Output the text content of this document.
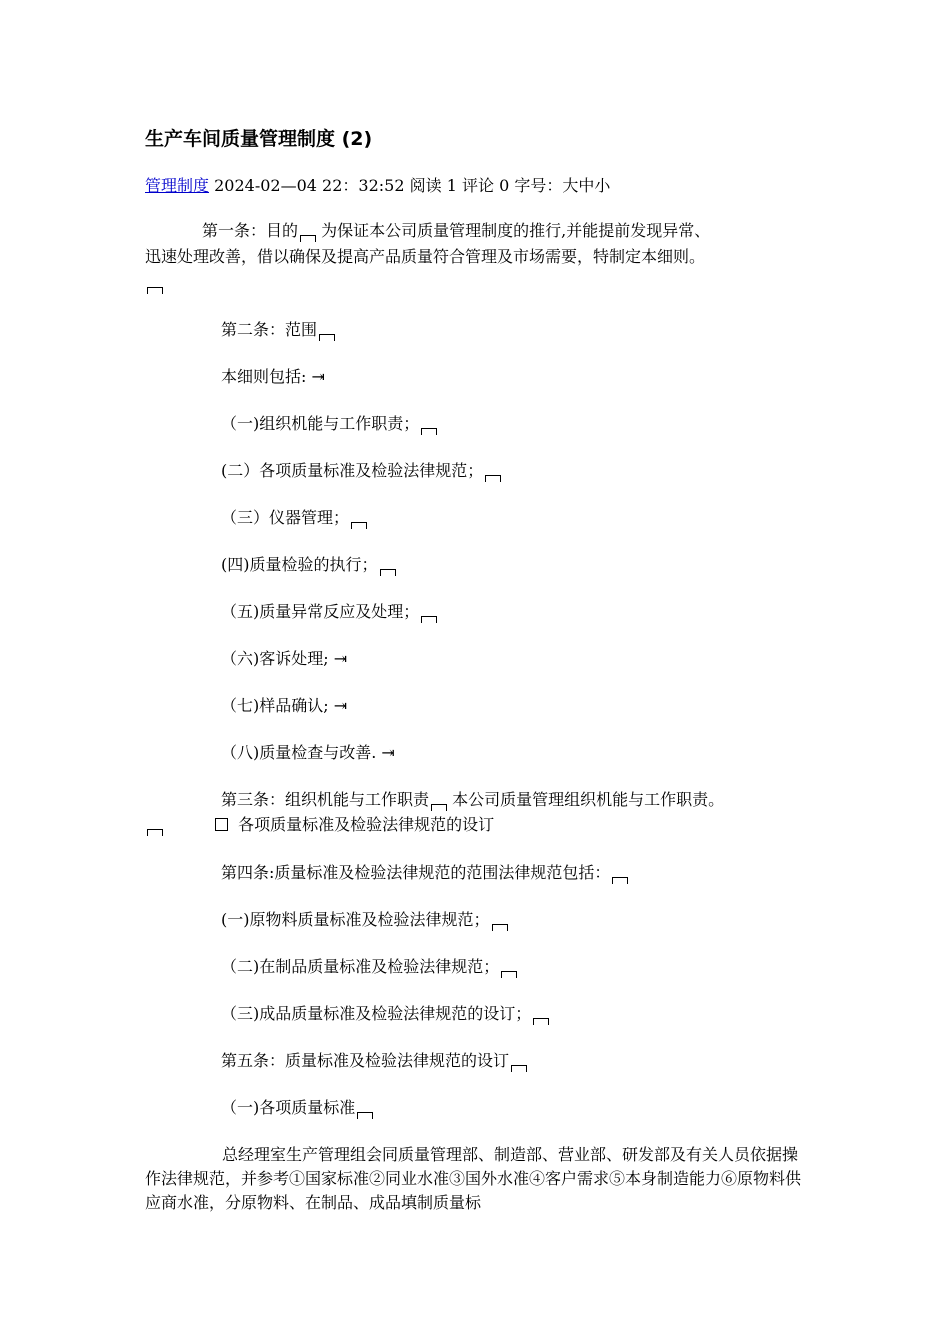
生产车间质量管理制度 (2)
管理制度 2024-02—04 22：32:52 阅读 1 评论 0 字号：大中小
第一条：目的 为保证本公司质量管理制度的推行,并能提前发现异常、
迅速处理改善，借以确保及提高产品质量符合管理及市场需要，特制定本细则。
第二条：范围
本细则包括: ⇥
（一)组织机能与工作职责；
(二）各项质量标准及检验法律规范；
（三）仪器管理；
(四)质量检验的执行；
（五)质量异常反应及处理；
（六)客诉处理; ⇥
（七)样品确认; ⇥
（八)质量检查与改善. ⇥
第三条：组织机能与工作职责 本公司质量管理组织机能与工作职责。
各项质量标准及检验法律规范的设订
第四条:质量标准及检验法律规范的范围法律规范包括：
(一)原物料质量标准及检验法律规范；
（二)在制品质量标准及检验法律规范；
（三)成品质量标准及检验法律规范的设订；
第五条：质量标准及检验法律规范的设订
（一)各项质量标准
总经理室生产管理组会同质量管理部、制造部、营业部、研发部及有关人员依据操作法律规范，并参考①国家标准②同业水准③国外水准④客户需求⑤本身制造能力⑥原物料供应商水准，分原物料、在制品、成品填制质量标
